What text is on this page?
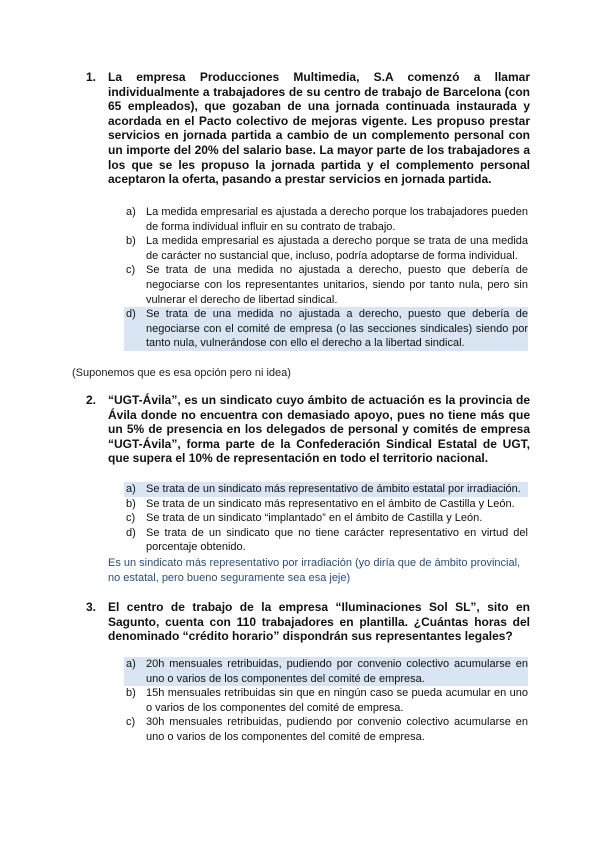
1. La empresa Producciones Multimedia, S.A comenzó a llamar individualmente a trabajadores de su centro de trabajo de Barcelona (con 65 empleados), que gozaban de una jornada continuada instaurada y acordada en el Pacto colectivo de mejoras vigente. Les propuso prestar servicios en jornada partida a cambio de un complemento personal con un importe del 20% del salario base. La mayor parte de los trabajadores a los que se les propuso la jornada partida y el complemento personal aceptaron la oferta, pasando a prestar servicios en jornada partida.
a) La medida empresarial es ajustada a derecho porque los trabajadores pueden de forma individual influir en su contrato de trabajo.
b) La medida empresarial es ajustada a derecho porque se trata de una medida de carácter no sustancial que, incluso, podría adoptarse de forma individual.
c) Se trata de una medida no ajustada a derecho, puesto que debería de negociarse con los representantes unitarios, siendo por tanto nula, pero sin vulnerar el derecho de libertad sindical.
d) Se trata de una medida no ajustada a derecho, puesto que debería de negociarse con el comité de empresa (o las secciones sindicales) siendo por tanto nula, vulnerándose con ello el derecho a la libertad sindical.
(Suponemos que es esa opción pero ni idea)
2. “UGT-Ávila”, es un sindicato cuyo ámbito de actuación es la provincia de Ávila donde no encuentra con demasiado apoyo, pues no tiene más que un 5% de presencia en los delegados de personal y comités de empresa “UGT-Ávila”, forma parte de la Confederación Sindical Estatal de UGT, que supera el 10% de representación en todo el territorio nacional.
a) Se trata de un sindicato más representativo de ámbito estatal por irradiación.
b) Se trata de un sindicato más representativo en el ámbito de Castilla y León.
c) Se trata de un sindicato “implantado” en el ámbito de Castilla y León.
d) Se trata de un sindicato que no tiene carácter representativo en virtud del porcentaje obtenido.
Es un sindicato más representativo por irradiación (yo diría que de ámbito provincial, no estatal, pero bueno seguramente sea esa jeje)
3. El centro de trabajo de la empresa “Iluminaciones Sol SL”, sito en Sagunto, cuenta con 110 trabajadores en plantilla. ¿Cuántas horas del denominado “crédito horario” dispondrán sus representantes legales?
a) 20h mensuales retribuidas, pudiendo por convenio colectivo acumularse en uno o varios de los componentes del comité de empresa.
b) 15h mensuales retribuidas sin que en ningún caso se pueda acumular en uno o varios de los componentes del comité de empresa.
c) 30h mensuales retribuidas, pudiendo por convenio colectivo acumularse en uno o varios de los componentes del comité de empresa.
